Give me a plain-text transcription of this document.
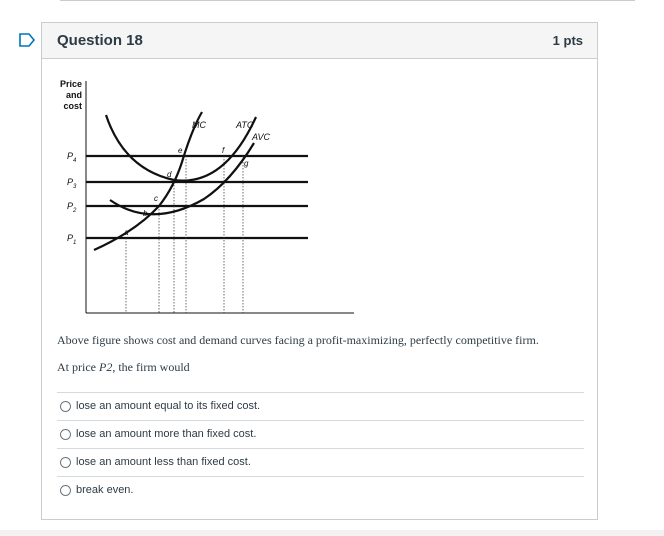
Question 18	1 pts
Price
and
cost
MC	ATC
AVC
a
b
c
d
e	f
g
$P_4$
$P_3$
$P_2$
$P_1$
Above figure shows cost and demand curves facing a profit-maximizing, perfectly competitive firm.
At price P2, the firm would
lose an amount equal to its fixed cost.
lose an amount more than fixed cost.
lose an amount less than fixed cost.
break even.
